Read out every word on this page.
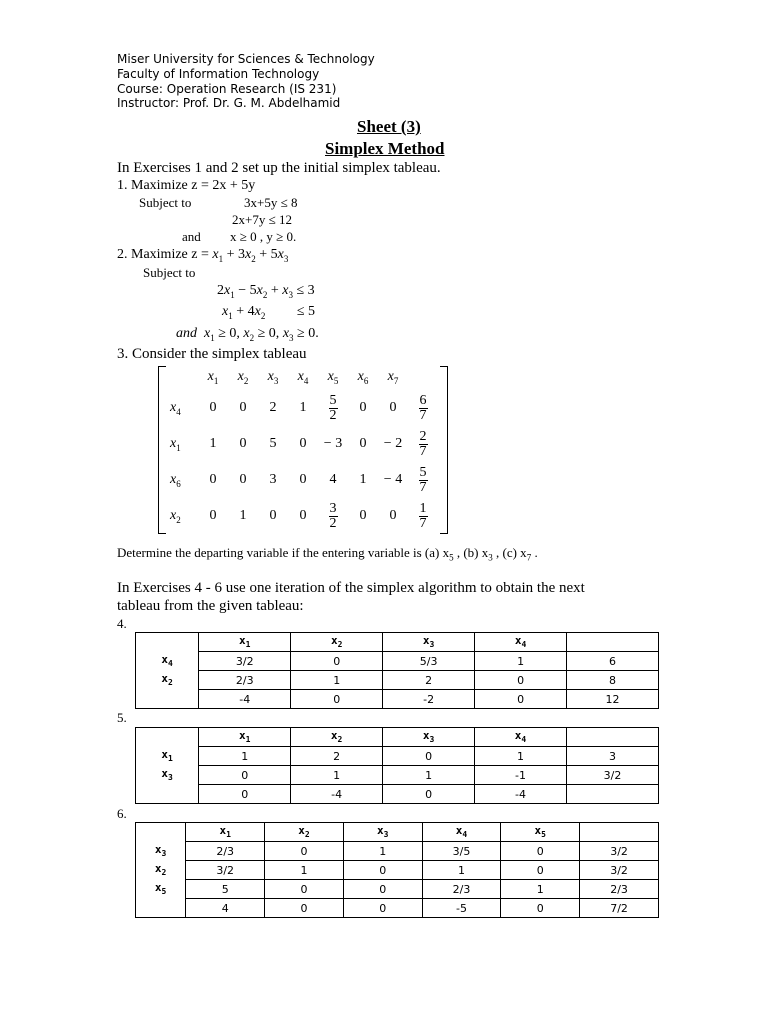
Miser University for Sciences & Technology
Faculty of Information Technology
Course: Operation Research (IS 231)
Instructor: Prof. Dr. G. M. Abdelhamid
Sheet (3)
Simplex Method
In Exercises 1 and 2 set up the initial simplex tableau.
1. Maximize z = 2x + 5y
Subject to	3x+5y ≤ 8
2x+7y ≤ 12
and x ≥ 0 , y ≥ 0.
2. Maximize $z = x_1 + 3x_2 + 5x_3$
Subject to
$2x_1 - 5x_2 + x_3 \le 3$
$x_1 + 4x_2$         ≤ 5
and $x_1 \ge 0$, $x_2 \ge 0$, $x_3 \ge 0$.
3. Consider the simplex tableau
	$x_1$	$x_2$	$x_3$	$x_4$	$x_5$	$x_6$	$x_7$	
$x_4$	0	0	2	1	$\frac{5}{2}$	0	0	$\frac{6}{7}$

$x_1$	1	0	5	0	− 3	0	− 2	$\frac{2}{7}$

$x_6$	0	0	3	0	4	1	− 4	$\frac{5}{7}$

$x_2$	0	1	0	0	$\frac{3}{2}$	0	0	$\frac{1}{7}$
Determine the departing variable if the entering variable is (a) $x_5$ , (b) $x_3$ , (c) $x_7$ .
In Exercises 4 - 6 use one iteration of the simplex algorithm to obtain the next
tableau from the given tableau:
4.
	$x_1$	$x_2$	$x_3$	$x_4$	
$x_4$	3/2	0	5/3	1	6
$x_2$	2/3	1	2	0	8
	-4	0	-2	0	12
5.
	$x_1$	$x_2$	$x_3$	$x_4$	
$x_1$	1	2	0	1	3
$x_3$	0	1	1	-1	3/2
	0	-4	0	-4	
6.
	$x_1$	$x_2$	$x_3$	$x_4$	$x_5$	
$x_3$	2/3	0	1	3/5	0	3/2
$x_2$	3/2	1	0	1	0	3/2
$x_5$	5	0	0	2/3	1	2/3
	4	0	0	-5	0	7/2
